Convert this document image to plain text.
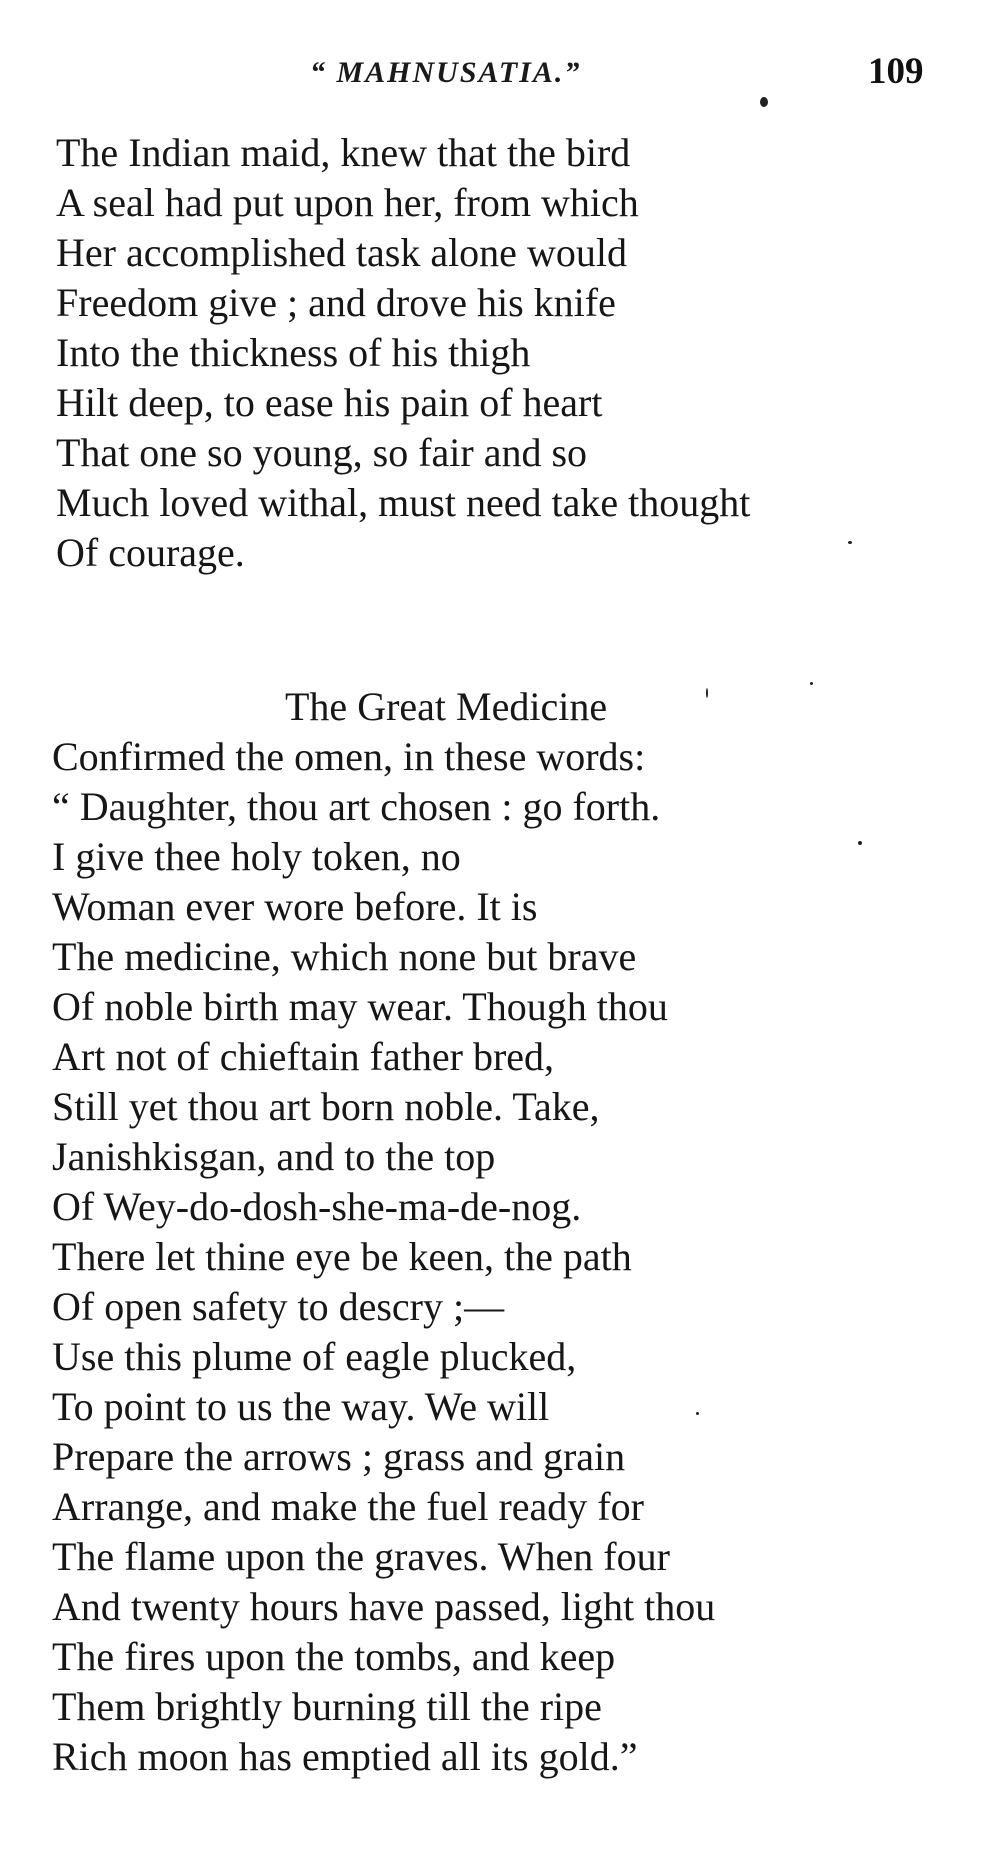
“ MAHNUSATIA.”	109
The Indian maid, knew that the bird
A seal had put upon her, from which
Her accomplished task alone would
Freedom give ; and drove his knife
Into the thickness of his thigh
Hilt deep, to ease his pain of heart
That one so young, so fair and so
Much loved withal, must need take thought
Of courage.
The Great Medicine
Confirmed the omen, in these words:
“ Daughter, thou art chosen : go forth.
I give thee holy token, no
Woman ever wore before. It is
The medicine, which none but brave
Of noble birth may wear. Though thou
Art not of chieftain father bred,
Still yet thou art born noble. Take,
Janishkisgan, and to the top
Of Wey-do-dosh-she-ma-de-nog.
There let thine eye be keen, the path
Of open safety to descry ;—
Use this plume of eagle plucked,
To point to us the way. We will
Prepare the arrows ; grass and grain
Arrange, and make the fuel ready for
The flame upon the graves. When four
And twenty hours have passed, light thou
The fires upon the tombs, and keep
Them brightly burning till the ripe
Rich moon has emptied all its gold.”
